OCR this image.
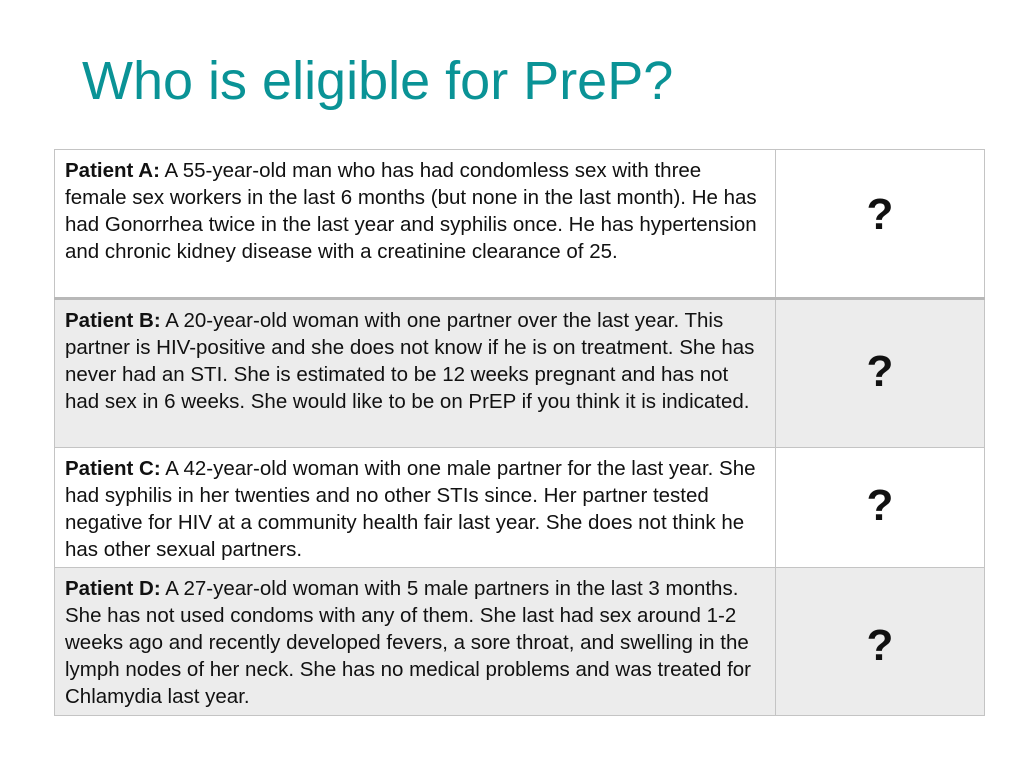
Who is eligible for PreP?
Patient A: A 55-year-old man who has had condomless sex with three female sex workers in the last 6 months (but none in the last month). He has had Gonorrhea twice in the last year and syphilis once. He has hypertension and chronic kidney disease with a creatinine clearance of 25.	?

Patient B: A 20-year-old woman with one partner over the last year. This partner is HIV-positive and she does not know if he is on treatment. She has never had an STI. She is estimated to be 12 weeks pregnant and has not had sex in 6 weeks. She would like to be on PrEP if you think it is indicated.	?

Patient C: A 42-year-old woman with one male partner for the last year. She had syphilis in her twenties and no other STIs since. Her partner tested negative for HIV at a community health fair last year. She does not think he has other sexual partners.	?

Patient D: A 27-year-old woman with 5 male partners in the last 3 months. She has not used condoms with any of them. She last had sex around 1-2 weeks ago and recently developed fevers, a sore throat, and swelling in the lymph nodes of her neck. She has no medical problems and was treated for Chlamydia last year.	?
